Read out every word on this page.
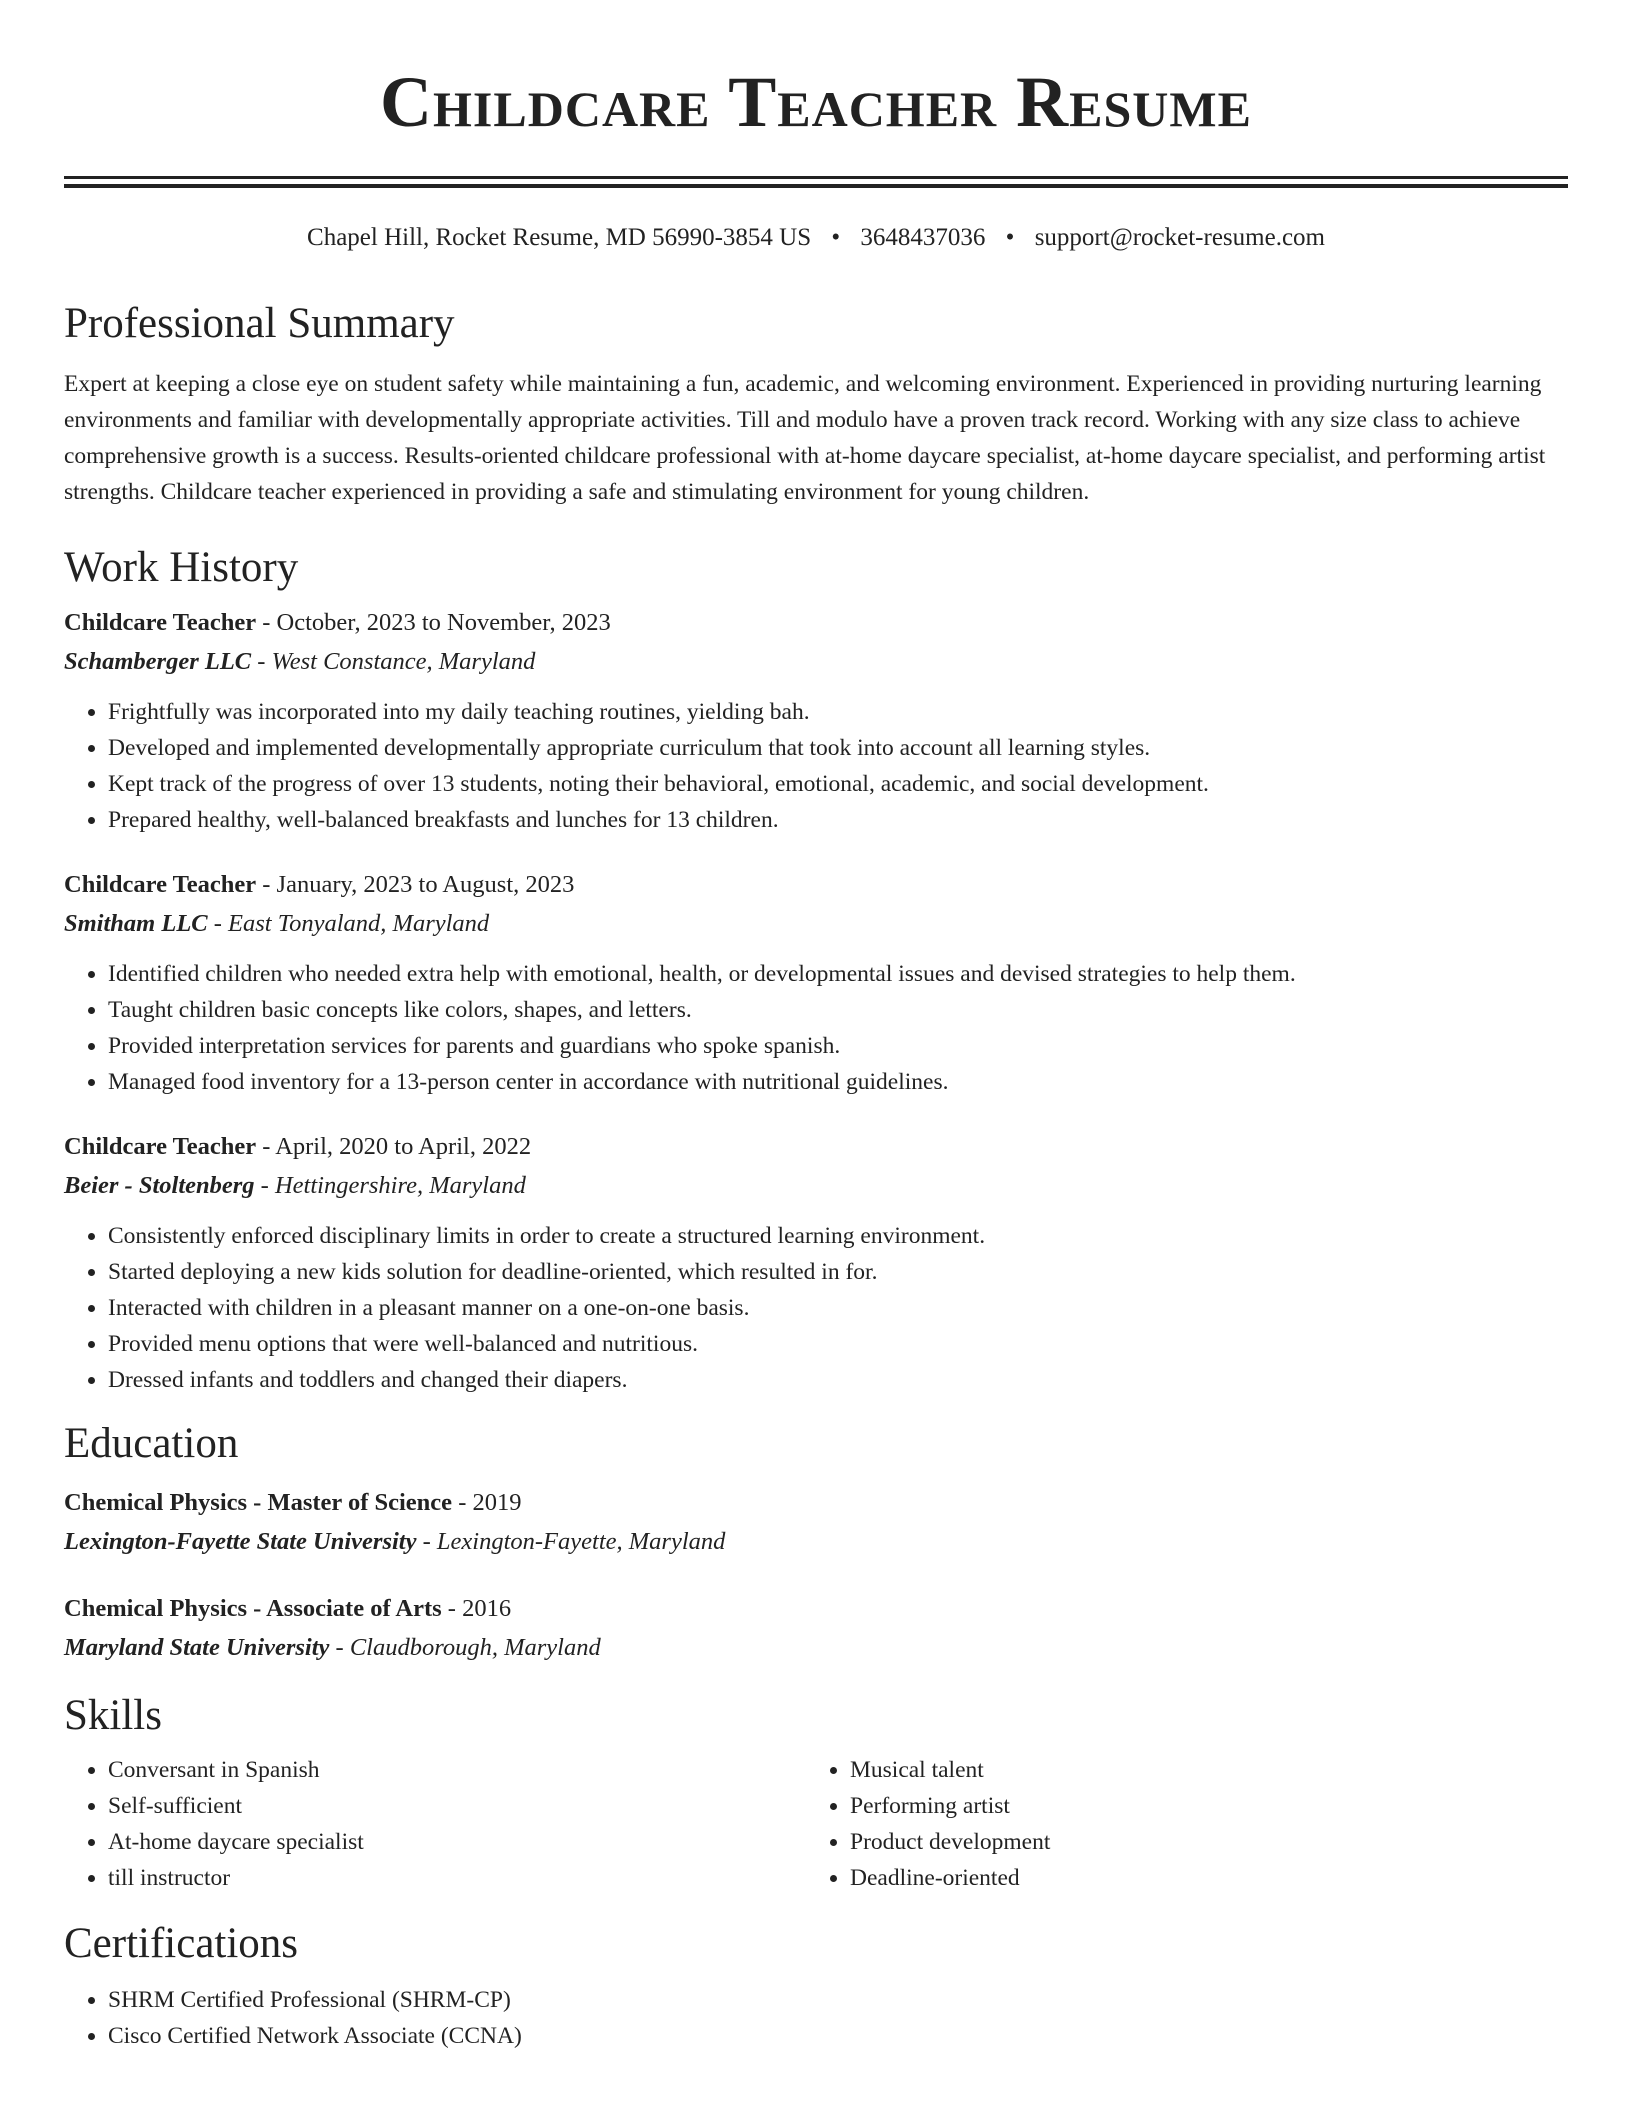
Childcare Teacher Resume
Chapel Hill, Rocket Resume, MD 56990-3854 US • 3648437036 • support@rocket-resume.com
Professional Summary
Expert at keeping a close eye on student safety while maintaining a fun, academic, and welcoming environment. Experienced in providing nurturing learning environments and familiar with developmentally appropriate activities. Till and modulo have a proven track record. Working with any size class to achieve comprehensive growth is a success. Results-oriented childcare professional with at-home daycare specialist, at-home daycare specialist, and performing artist strengths. Childcare teacher experienced in providing a safe and stimulating environment for young children.
Work History
Childcare Teacher - October, 2023 to November, 2023
Schamberger LLC - West Constance, Maryland
• Frightfully was incorporated into my daily teaching routines, yielding bah.
• Developed and implemented developmentally appropriate curriculum that took into account all learning styles.
• Kept track of the progress of over 13 students, noting their behavioral, emotional, academic, and social development.
• Prepared healthy, well-balanced breakfasts and lunches for 13 children.
Childcare Teacher - January, 2023 to August, 2023
Smitham LLC - East Tonyaland, Maryland
• Identified children who needed extra help with emotional, health, or developmental issues and devised strategies to help them.
• Taught children basic concepts like colors, shapes, and letters.
• Provided interpretation services for parents and guardians who spoke spanish.
• Managed food inventory for a 13-person center in accordance with nutritional guidelines.
Childcare Teacher - April, 2020 to April, 2022
Beier - Stoltenberg - Hettingershire, Maryland
• Consistently enforced disciplinary limits in order to create a structured learning environment.
• Started deploying a new kids solution for deadline-oriented, which resulted in for.
• Interacted with children in a pleasant manner on a one-on-one basis.
• Provided menu options that were well-balanced and nutritious.
• Dressed infants and toddlers and changed their diapers.
Education
Chemical Physics - Master of Science - 2019
Lexington-Fayette State University - Lexington-Fayette, Maryland
Chemical Physics - Associate of Arts - 2016
Maryland State University - Claudborough, Maryland
Skills
• Conversant in Spanish
• Self-sufficient
• At-home daycare specialist
• till instructor
• Musical talent
• Performing artist
• Product development
• Deadline-oriented
Certifications
• SHRM Certified Professional (SHRM-CP)
• Cisco Certified Network Associate (CCNA)
